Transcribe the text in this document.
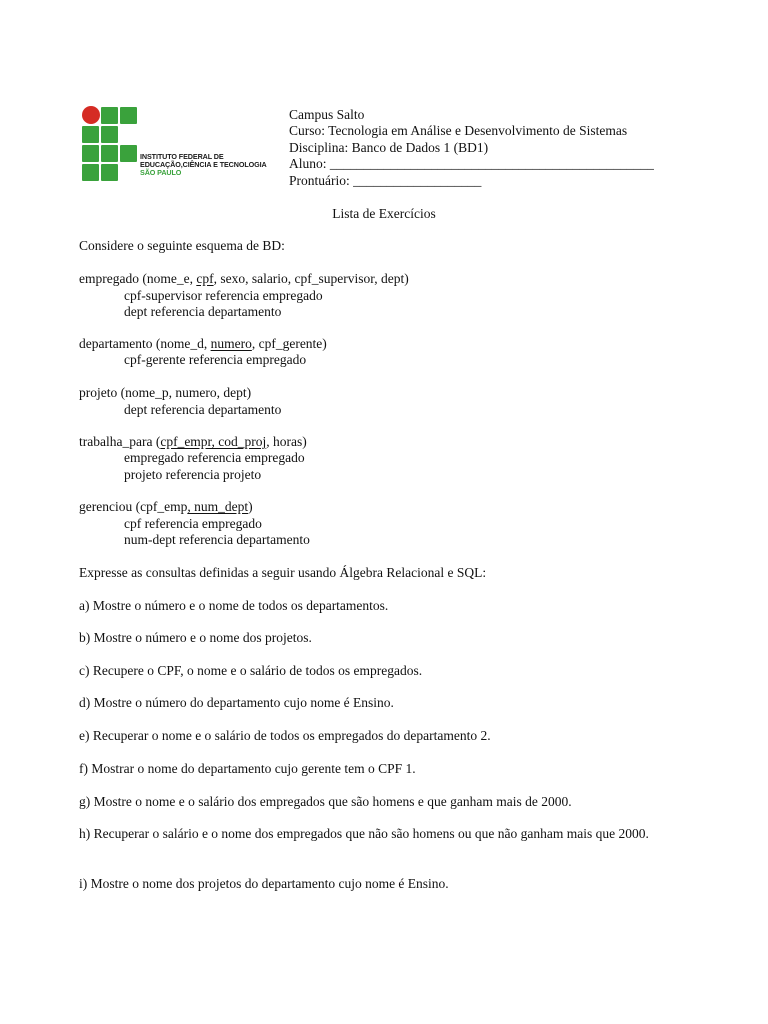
INSTITUTO FEDERAL DE
EDUCAÇÃO,CIÊNCIA E TECNOLOGIA
SÃO PAULO
Campus Salto
Curso: Tecnologia em Análise e Desenvolvimento de Sistemas
Disciplina: Banco de Dados 1 (BD1)
Aluno: ________________________________________________
Prontuário: ___________________
Lista de Exercícios
Considere o seguinte esquema de BD:
empregado (nome_e, cpf, sexo, salario, cpf_supervisor, dept)
cpf-supervisor referencia empregado
dept referencia departamento
departamento (nome_d, numero, cpf_gerente)
cpf-gerente referencia empregado
projeto (nome_p, numero, dept)
dept referencia departamento
trabalha_para (cpf_empr, cod_proj, horas)
empregado referencia empregado
projeto referencia projeto
gerenciou (cpf_emp, num_dept)
cpf referencia empregado
num-dept referencia departamento
Expresse as consultas definidas a seguir usando Álgebra Relacional e SQL:
a) Mostre o número e o nome de todos os departamentos.
b) Mostre o número e o nome dos projetos.
c) Recupere o CPF, o nome e o salário de todos os empregados.
d) Mostre o número do departamento cujo nome é Ensino.
e) Recuperar o nome e o salário de todos os empregados do departamento 2.
f) Mostrar o nome do departamento cujo gerente tem o CPF 1.
g) Mostre o nome e o salário dos empregados que são homens e que ganham mais de 2000.
h) Recuperar o salário e o nome dos empregados que não são homens ou que não ganham mais que 2000.
i) Mostre o nome dos projetos do departamento cujo nome é Ensino.
